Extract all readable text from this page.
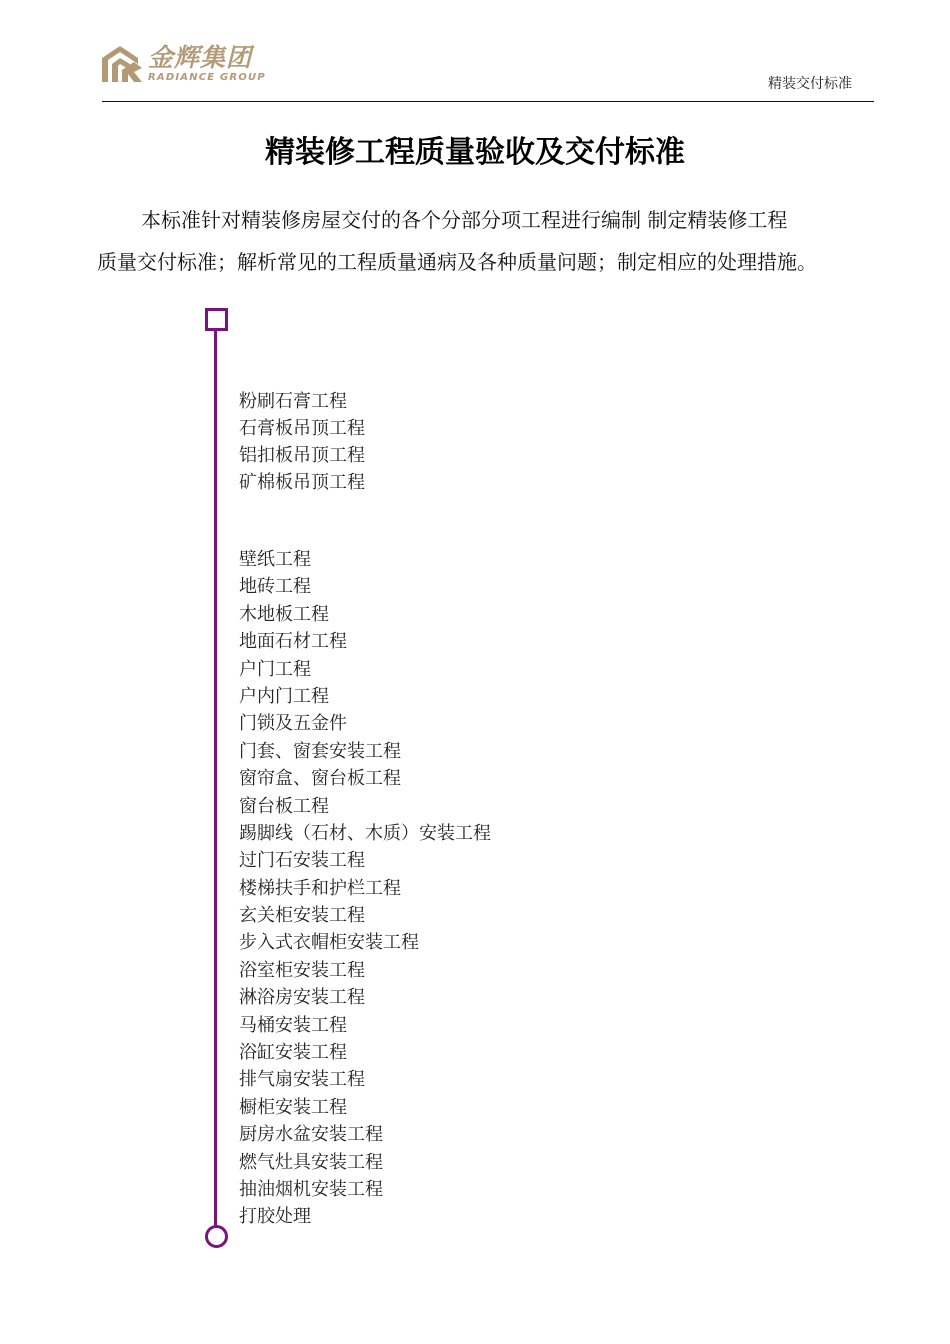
金辉集团
RADIANCE GROUP	精装交付标准
精装修工程质量验收及交付标准

本标准针对精装修房屋交付的各个分部分项工程进行编制 制定精装修工程
质量交付标准；解析常见的工程质量通病及各种质量问题；制定相应的处理措施。

粉刷石膏工程
石膏板吊顶工程
铝扣板吊顶工程
矿棉板吊顶工程
壁纸工程
地砖工程
木地板工程
地面石材工程
户门工程
户内门工程
门锁及五金件
门套、窗套安装工程
窗帘盒、窗台板工程
窗台板工程
踢脚线（石材、木质）安装工程
过门石安装工程
楼梯扶手和护栏工程
玄关柜安装工程
步入式衣帽柜安装工程
浴室柜安装工程
淋浴房安装工程
马桶安装工程
浴缸安装工程
排气扇安装工程
橱柜安装工程
厨房水盆安装工程
燃气灶具安装工程
抽油烟机安装工程
打胶处理
